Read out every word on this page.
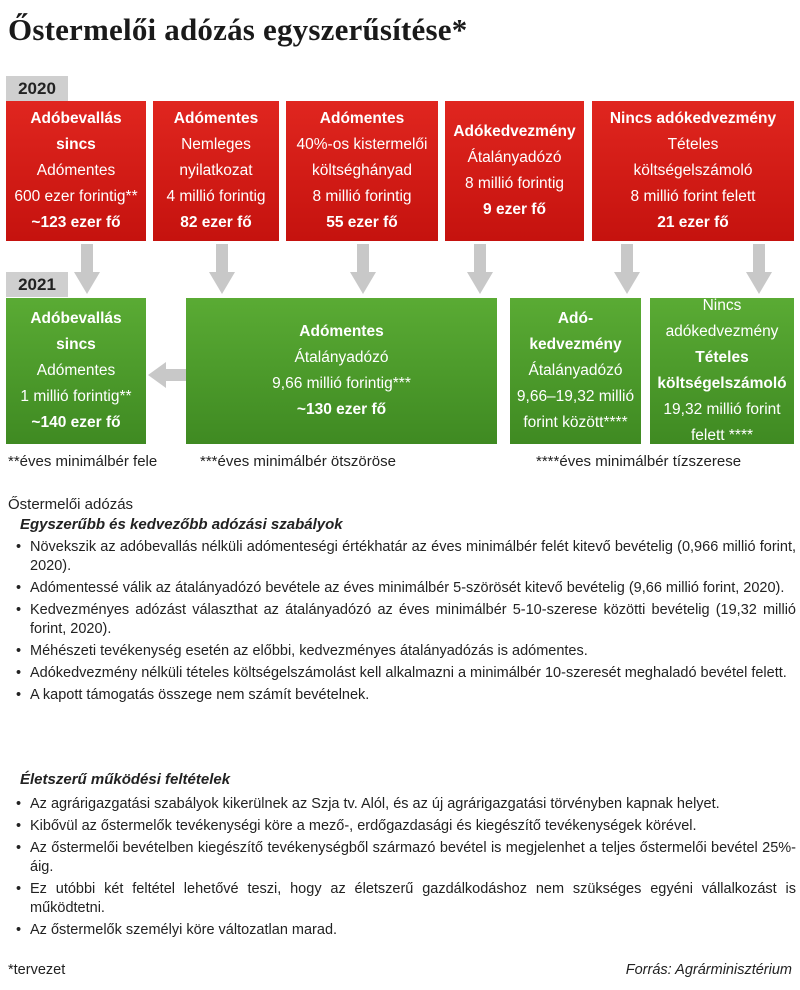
Őstermelői adózás egyszerűsítése*
2020
2021
Adóbevallás
sincs
Adómentes
600 ezer forintig**
~123 ezer fő
Adómentes
Nemleges
nyilatkozat
4 millió forintig
82 ezer fő
Adómentes
40%-os kistermelői
költséghányad
8 millió forintig
55 ezer fő
Adókedvezmény
Átalányadózó
8 millió forintig
9 ezer fő
Nincs adókedvezmény
Tételes
költségelszámoló
8 millió forint felett
21 ezer fő
Adóbevallás
sincs
Adómentes
1 millió forintig**
~140 ezer fő
Adómentes
Átalányadózó
9,66 millió forintig***
~130 ezer fő
Adó-
kedvezmény
Átalányadózó
9,66–19,32 millió
forint között****
Nincs
adókedvezmény
Tételes
költségelszámoló
19,32 millió forint
felett ****
**éves minimálbér fele	***éves minimálbér ötszöröse	****éves minimálbér tízszerese
Őstermelői adózás
Egyszerűbb és kedvezőbb adózási szabályok
• Növekszik az adóbevallás nélküli adómenteségi értékhatár az éves minimálbér felét kitevő bevételig (0,966 millió forint, 2020).
• Adómentessé válik az átalányadózó bevétele az éves minimálbér 5-szörösét kitevő bevételig (9,66 millió forint, 2020).
• Kedvezményes adózást választhat az átalányadózó az éves minimálbér 5-10-szerese közötti bevételig (19,32 millió forint, 2020).
• Méhészeti tevékenység esetén az előbbi, kedvezményes átalányadózás is adómentes.
• Adókedvezmény nélküli tételes költségelszámolást kell alkalmazni a minimálbér 10-szeresét meghaladó bevétel felett.
• A kapott támogatás összege nem számít bevételnek.
Életszerű működési feltételek
• Az agrárigazgatási szabályok kikerülnek az Szja tv. Alól, és az új agrárigazgatási törvényben kapnak helyet.
• Kibővül az őstermelők tevékenységi köre a mező-, erdőgazdasági és kiegészítő tevékenységek körével.
• Az őstermelői bevételben kiegészítő tevékenységből származó bevétel is megjelenhet a teljes őstermelői bevétel 25%-áig.
• Ez utóbbi két feltétel lehetővé teszi, hogy az életszerű gazdálkodáshoz nem szükséges egyéni vállalkozást is működtetni.
• Az őstermelők személyi köre változatlan marad.
*tervezet	Forrás: Agrárminisztérium
